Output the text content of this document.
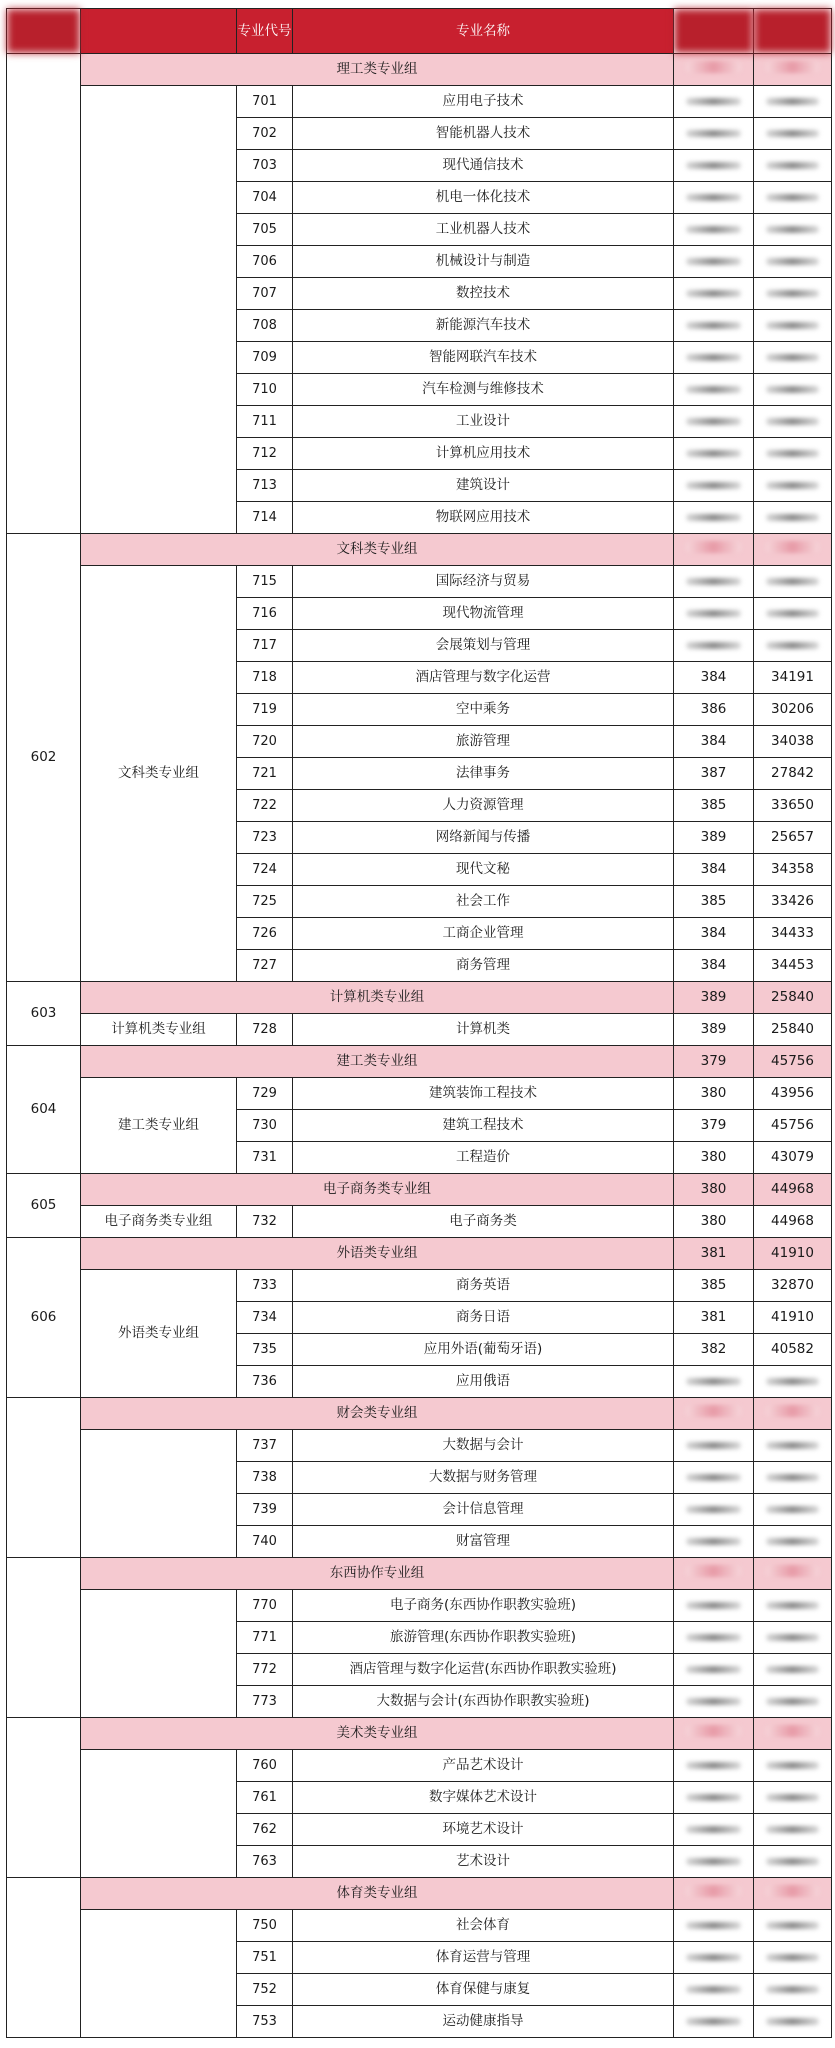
		专业代号	专业名称		
	理工类专业组				
		701	应用电子技术		
		702	智能机器人技术		
		703	现代通信技术		
		704	机电一体化技术		
		705	工业机器人技术		
		706	机械设计与制造		
		707	数控技术		
		708	新能源汽车技术		
		709	智能网联汽车技术		
		710	汽车检测与维修技术		
		711	工业设计		
		712	计算机应用技术		
		713	建筑设计		
		714	物联网应用技术		
602	文科类专业组				
	文科类专业组	715	国际经济与贸易		
		716	现代物流管理		
		717	会展策划与管理		
		718	酒店管理与数字化运营	384	34191
		719	空中乘务	386	30206
		720	旅游管理	384	34038
		721	法律事务	387	27842
		722	人力资源管理	385	33650
		723	网络新闻与传播	389	25657
		724	现代文秘	384	34358
		725	社会工作	385	33426
		726	工商企业管理	384	34433
		727	商务管理	384	34453
603	计算机类专业组			389	25840
	计算机类专业组	728	计算机类	389	25840
604	建工类专业组			379	45756
	建工类专业组	729	建筑装饰工程技术	380	43956
		730	建筑工程技术	379	45756
		731	工程造价	380	43079
605	电子商务类专业组			380	44968
	电子商务类专业组	732	电子商务类	380	44968
606	外语类专业组			381	41910
	外语类专业组	733	商务英语	385	32870
		734	商务日语	381	41910
		735	应用外语(葡萄牙语)	382	40582
		736	应用俄语		
	财会类专业组				
		737	大数据与会计		
		738	大数据与财务管理		
		739	会计信息管理		
		740	财富管理		
	东西协作专业组				
		770	电子商务(东西协作职教实验班)		
		771	旅游管理(东西协作职教实验班)		
		772	酒店管理与数字化运营(东西协作职教实验班)		
		773	大数据与会计(东西协作职教实验班)		
	美术类专业组				
		760	产品艺术设计		
		761	数字媒体艺术设计		
		762	环境艺术设计		
		763	艺术设计		
	体育类专业组				
		750	社会体育		
		751	体育运营与管理		
		752	体育保健与康复		
		753	运动健康指导		
